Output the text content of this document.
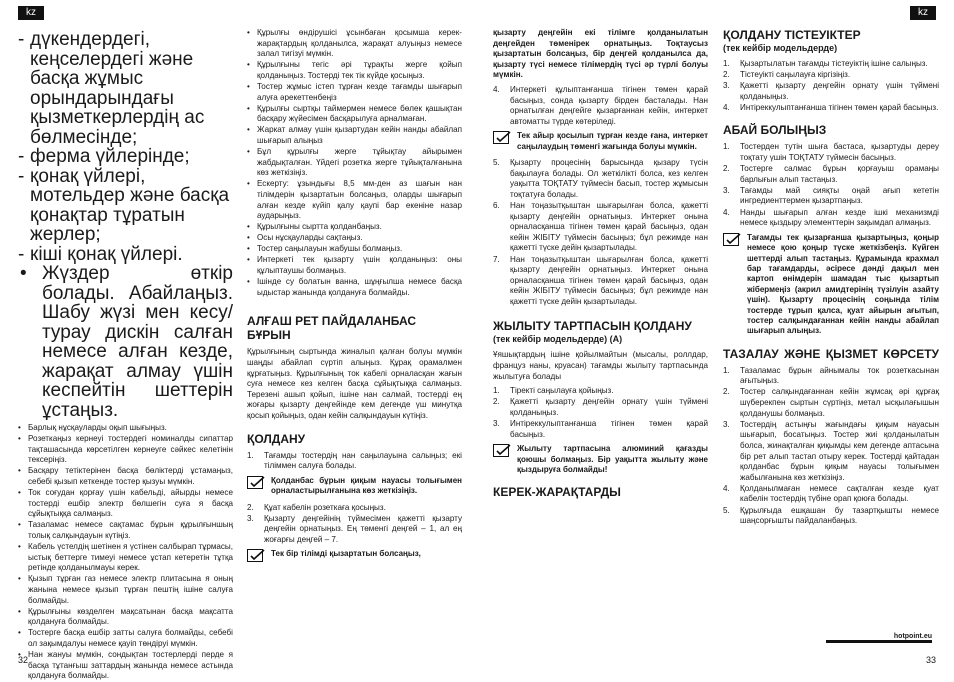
kz	kz
- дүкендердегі, кеңселердегі және басқа жұмыс орындарындағы қызметкерлердің ас бөлмесінде;
- ферма үйлерінде;
- қонақ үйлері, мотельдер және басқа қонақтар тұратын жерлер;
- кіші қонақ үйлері.
• Жүздер өткір болады. Абайлаңыз. Шабу жүзі мен кесу/турау дискін салған немесе алған кезде, жарақат алмау үшін кеспейтін шеттерін ұстаңыз.
• Барлық нұсқауларды оқып шығыңыз.
• Розеткаңыз кернеуі тостердегі номиналды сипаттар тақташасында көрсетілген кернеуге сәйкес келетінін тексеріңіз.
• Басқару тетіктерінен басқа бөліктерді ұстамаңыз, себебі қызып кеткенде тостер қызуы мүмкін.
• Ток соғудан қорғау үшін кабельді, айырды немесе тостерді ешбір электр бөлшегін суға я басқа сұйықтыққа салмаңыз.
• Тазаламас немесе сақтамас бұрын құрылғыншың толық салқындауын күтіңіз.
• Кабель үстелдің шетінен я үстінен салбырап тұрмасы, ыстық беттерге тимеуі немесе ұстап кетеретін тұтқа ретінде қолданылмауы керек.
• Қызып тұрған газ немесе электр плитасына я оның жанына немесе қызып тұрған пештің ішіне салуға болмайды.
• Құрылғыны көзделген мақсатынан басқа мақсатта қолдануға болмайды.
• Тостерге басқа ешбір затты салуға болмайды, себебі ол зақымдалуы немесе қауіп төндіруі мүмкін.
• Нан жануы мүмкін, сондықтан тостерлерді перде я басқа тұтанғыш заттардың жанында немесе астында қолдануға болмайды.
• Құрылғы өндірушісі ұсынбаған қосымша керек-жарақтардың қолданылса, жарақат алуыңыз немесе залал тигізуі мүмкін.
• Құрылғыны тегіс әрі тұрақты жерге қойып қолданыңыз. Тостерді тек тік күйде қосыңыз.
• Тостер жұмыс істеп тұрған кезде тағамды шығарып алуға әрекеттенбеңіз
• Құрылғы сыртқы таймермен немесе бөлек қашықтан басқару жүйесімен басқарылуға арналмаған.
• Жаркат алмау үшін қызартудан кейін нанды абайлап шығарып алыңыз
• Бұл құрылғы жерге тұйықтау айырымен жабдықталған. Үйдегі розетка жерге тұйықталғанына көз жеткізіңіз.
• Ескерту: ұзындығы 8,5 мм-ден аз шағын нан тілімдерін қызартатын болсаңыз, оларды шығарып алған кезде күйіп қалу қаупі бар екеніне назар аударыңыз.
• Құрылғыны сыртта қолданбаңыз.
• Осы нұсқауларды сақтаңыз.
• Тостер саңылауын жабушы болмаңыз.
• Интеркеті тек қызарту үшін қолданыңыз: оны құлыптаушы болмаңыз.
• Ішінде су болатын ванна, шұңғылша немесе басқа ыдыстар жанында қолдануға болмайды.
АЛҒАШ РЕТ ПАЙДАЛАНБАС БҰРЫН

Құрылғының сыртында жиналып қалған болуы мүмкін шаңды абайлап сүртіп алыңыз. Құрақ орамалмен құрғатыңыз. Құрылғының ток кабелі орналасқан жағын суға немесе кез келген басқа сұйықтыққа салмаңыз. Терезені ашып қойып, ішіне нан салмай, тостерді ең жоғары қызарту деңгейінде кем дегенде үш минутқа қосып қойыңыз, одан кейін салқындауын күтіңіз.

ҚОЛДАНУ
1. Тағамды тостердің нан саңылауына салыңыз; екі тіліммен салуға болады.
Қолданбас бұрын қиқым науасы толығымен орналастырылғанына көз жеткізіңіз.
2. Құат кабелін розеткаға қосыңыз.
3. Қызарту деңгейінің түймесімен қажетті қызарту деңгейін орнатыңыз. Ең төменгі деңгей – 1, ал ең жоғарғы деңгей – 7.
Тек бір тілімді қызартатын болсаңыз,

қызарту деңгейін екі тілімге қолданылатын деңгейден төменірек орнатыңыз. Тоқтаусыз қызартатын болсаңыз, бір деңгей қолданылса да, қызарту түсі немесе тілімердің түсі әр түрлі болуы мүмкін.

4. Интеркеті құлыптанғанша тігінен төмен қарай басыңыз, сонда қызарту бірден басталады. Нан орнатылған деңгейге қызарғаннан кейін, интеркет автоматты түрде көтеріледі.
Тек айыр қосылып тұрған кезде ғана, интеркет саңылаудың төменгі жағында болуы мүмкін.
5. Қызарту процесінің барысында қызару түсін бақылауға болады. Ол жеткілікті болса, кез келген уақытта ТОҚТАТУ түймесін басып, тостер жұмысын тоқтатуға болады.
6. Нан тоңазытқыштан шығарылған болса, қажетті қызарту деңгейін орнатыңыз. Интеркет онына орналасқанша тігінен төмен қарай басыңыз, одан кейін ЖІБІТУ түймесін басыңыз; бұл режимде нан қажетті түске дейін қызартылады.
7. Нан тоңазытқыштан шығарылған болса, қажетті қызарту деңгейін орнатыңыз. Интеркет онына орналасқанша тігінен төмен қарай басыңыз, одан кейін ЖІБІТУ түймесін басыңыз; бұл режимде нан қажетті түске дейін қызартылады.
ЖЫЛЫТУ ТАРТПАСЫН ҚОЛДАНУ
(тек кейбір модельдерде) (A)

Ұяшықтардың ішіне қойылмайтын (мысалы, роллдар, француз наны, круасан) тағамды жылыту тартпасында жылытуға болады

1. Тіректі саңылауға қойыңыз.
2. Қажетті қызарту деңгейін орнату үшін түймені қолданыңыз.
3. Интіреккулыптанғанша тігінен төмен қарай басыңыз.
Жылыту тартпасына алюминий қағазды қоюшы болмаңыз. Бір уақытта жылыту және қыздыруға болмайды!
КЕРЕК-ЖАРАҚТАРДЫ
ҚОЛДАНУ ТІСТЕУІКТЕР
(тек кейбір модельдерде)
1. Қызартылатын тағамды тістеуіктің ішіне салыңыз.
2. Тістеуікті саңылауға кіргізіңіз.
3. Қажетті қызарту деңгейін орнату үшін түймені қолданыңыз.
4. Интіреккулыптанғанша тігінен төмен қарай басыңыз.
АБАЙ БОЛЫҢЫЗ
1. Тостерден тутін шыға бастаса, қызартуды дереу тоқтату үшін ТОҚТАТУ түймесін басыңыз.
2. Тостерге салмас бұрын қорғауыш орамаңы барлығын алып тастаңыз.
3. Тағамды май сияқты оңай ағып кететін ингредиенттермен қызартпаңыз.
4. Нанды шығарып алған кезде ішкі механизмді немесе қыздыру элементтерін зақымдап алмаңыз.
Тағамды тек қызарғанша қызартыңыз, қоңыр немесе қою қоңыр түске жеткізбеңіз. Күйген шеттерді алып тастаңыз. Құрамында крахмал бар тағамдарды, әсіресе дәнді дақыл мен картоп өнімдерін шамадан тыс қызартып жібермеңіз (акрил амидтерінің түзілуін азайту үшін). Қызарту процесінің соңында тілім тостерде тұрып қалса, қуат айырын ағытып, тостер салқындағаннан кейін нанды абайлап шығарып алыңыз.
ТАЗАЛАУ ЖӘНЕ ҚЫЗМЕТ КӨРСЕТУ
1. Тазаламас бұрын айнымалы ток розеткасынан ағытыңыз.
2. Тостер салқындағаннан кейін жұмсақ әрі құрғақ шүберекпен сыртын сүртіңіз, метал ысқылағышын қолданушы болмаңыз.
3. Тостердің астыңғы жағындағы қиқым науасын шығарып, босатыңыз. Тостер жиі қолданылатын болса, жинақталған қиқымды кем дегенде аптасына бір рет алып тастап отыру керек. Тостерді қайтадан қолданбас бұрын қиқым науасы толығымен жабылғанына көз жеткізіңіз.
4. Қолданылмаған немесе сақталған кезде қуат кабелін тостердің түбіне орап қоюға болады.
5. Құрылғыда ешқашан бу тазартқышты немесе шаңсорғышты пайдаланбаңыз.
32	33
hotpoint.eu
